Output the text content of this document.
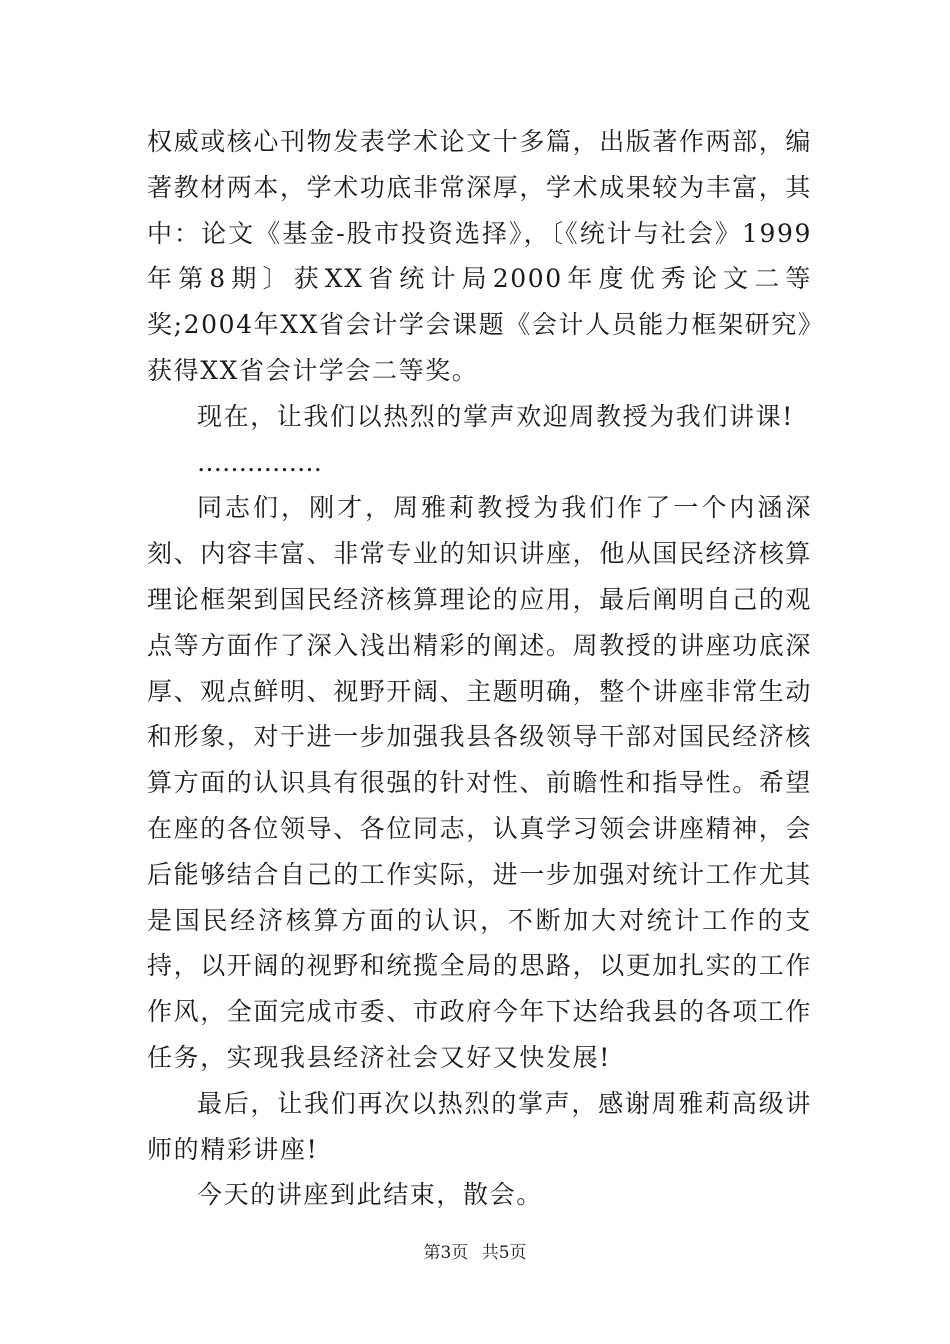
权威或核心刊物发表学术论文十多篇，出版著作两部，编著教材两本，学术功底非常深厚，学术成果较为丰富，其中：论文《基金-股市投资选择》，〔《统计与社会》1999年第8期〕获XX省统计局2000年度优秀论文二等奖;2004年XX省会计学会课题《会计人员能力框架研究》获得XX省会计学会二等奖。

现在，让我们以热烈的掌声欢迎周教授为我们讲课!

……………

同志们，刚才，周雅莉教授为我们作了一个内涵深刻、内容丰富、非常专业的知识讲座，他从国民经济核算理论框架到国民经济核算理论的应用，最后阐明自己的观点等方面作了深入浅出精彩的阐述。周教授的讲座功底深厚、观点鲜明、视野开阔、主题明确，整个讲座非常生动和形象，对于进一步加强我县各级领导干部对国民经济核算方面的认识具有很强的针对性、前瞻性和指导性。希望在座的各位领导、各位同志，认真学习领会讲座精神，会后能够结合自己的工作实际，进一步加强对统计工作尤其是国民经济核算方面的认识，不断加大对统计工作的支持，以开阔的视野和统揽全局的思路，以更加扎实的工作作风，全面完成市委、市政府今年下达给我县的各项工作任务，实现我县经济社会又好又快发展!

最后，让我们再次以热烈的掌声，感谢周雅莉高级讲师的精彩讲座!

今天的讲座到此结束，散会。

第3页 共5页
